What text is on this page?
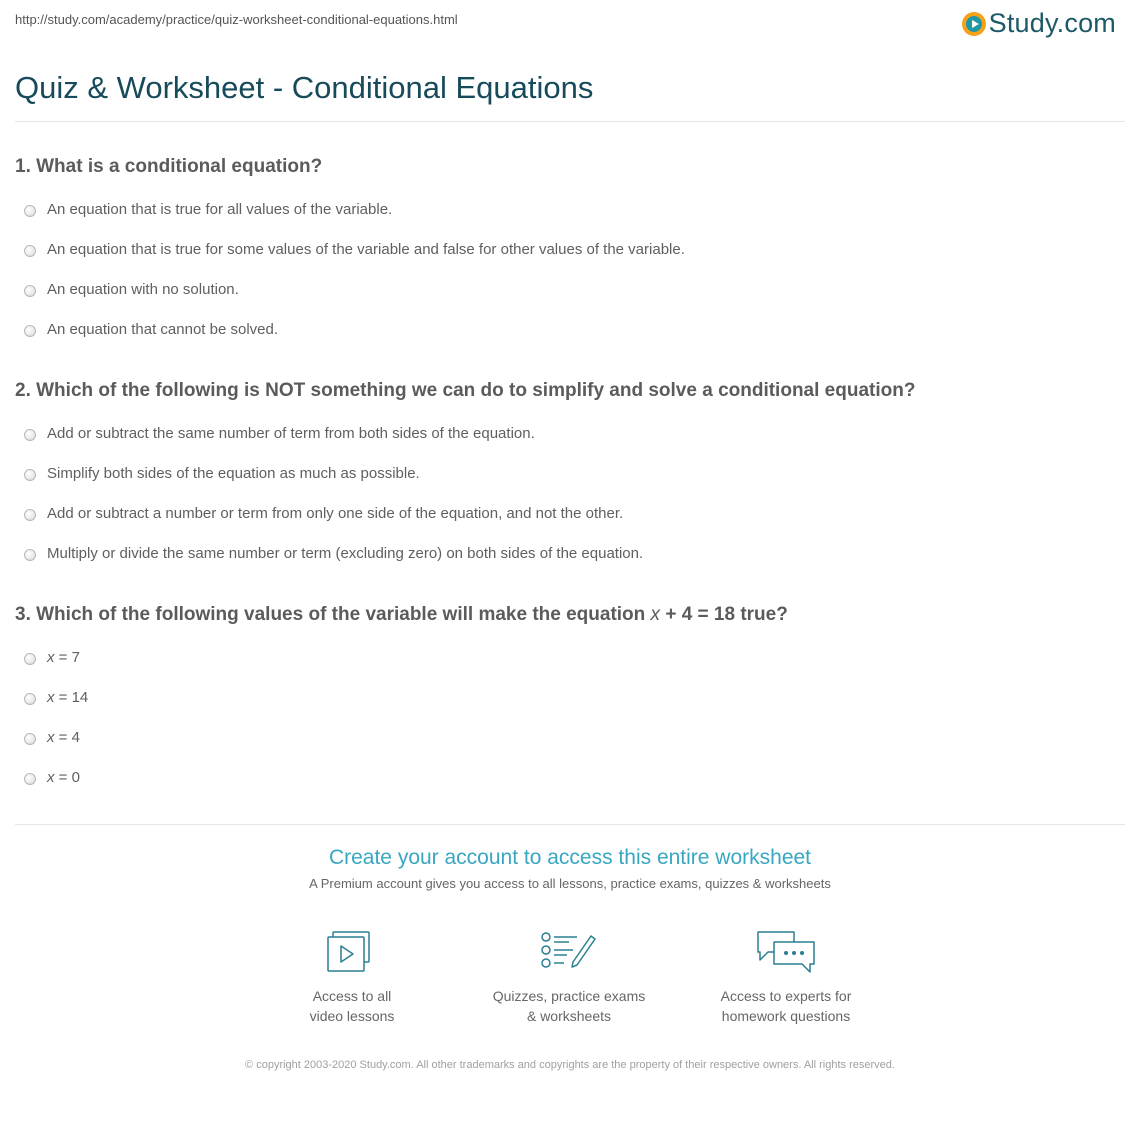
http://study.com/academy/practice/quiz-worksheet-conditional-equations.html	Study.com
Quiz & Worksheet - Conditional Equations
1. What is a conditional equation?
An equation that is true for all values of the variable.
An equation that is true for some values of the variable and false for other values of the variable.
An equation with no solution.
An equation that cannot be solved.
2. Which of the following is NOT something we can do to simplify and solve a conditional equation?
Add or subtract the same number of term from both sides of the equation.
Simplify both sides of the equation as much as possible.
Add or subtract a number or term from only one side of the equation, and not the other.
Multiply or divide the same number or term (excluding zero) on both sides of the equation.
3. Which of the following values of the variable will make the equation x + 4 = 18 true?
x = 7
x = 14
x = 4
x = 0
Create your account to access this entire worksheet
A Premium account gives you access to all lessons, practice exams, quizzes & worksheets
Access to all
video lessons
Quizzes, practice exams
& worksheets
Access to experts for
homework questions
© copyright 2003-2020 Study.com. All other trademarks and copyrights are the property of their respective owners. All rights reserved.
